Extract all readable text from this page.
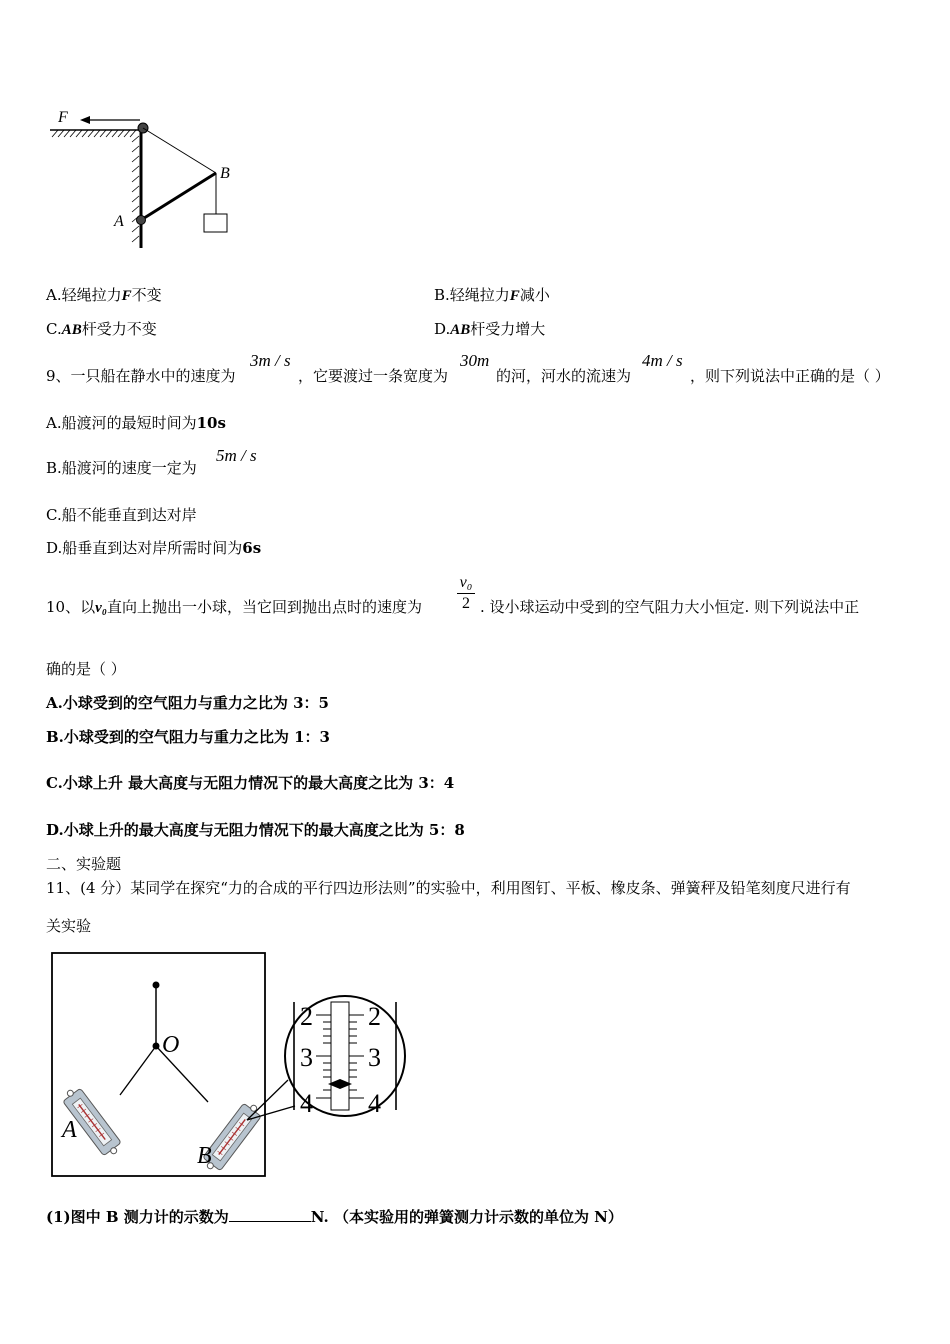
F
B
A
A.轻绳拉力F不变	B.轻绳拉力F减小
C.AB杆受力不变	D.AB杆受力增大
9、一只船在静水中的速度为
3m / s
，它要渡过一条宽度为
30m
的河，河水的流速为
4m / s
，则下列说法中正确的是（ ）
A.船渡河的最短时间为10s
B.船渡河的速度一定为
5m / s
C.船不能垂直到达对岸
D.船垂直到达对岸所需时间为6s
10、以v₀直向上抛出一小球，当它回到抛出点时的速度为
v₀
2 . 设小球运动中受到的空气阻力大小恒定. 则下列说法中正
确的是（ ）
A.小球受到的空气阻力与重力之比为 3：5
B.小球受到的空气阻力与重力之比为 1：3
C.小球上升 最大高度与无阻力情况下的最大高度之比为 3：4
D.小球上升的最大高度与无阻力情况下的最大高度之比为 5：8
二、实验题
11、(4 分）某同学在探究“力的合成的平行四边形法则”的实验中，利用图钉、平板、橡皮条、弹簧秤及铅笔刻度尺进行有
关实验
2 2
3 3
4 4
O
A
B
(1)图中 B 测力计的示数为	N. （本实验用的弹簧测力计示数的单位为 N）
